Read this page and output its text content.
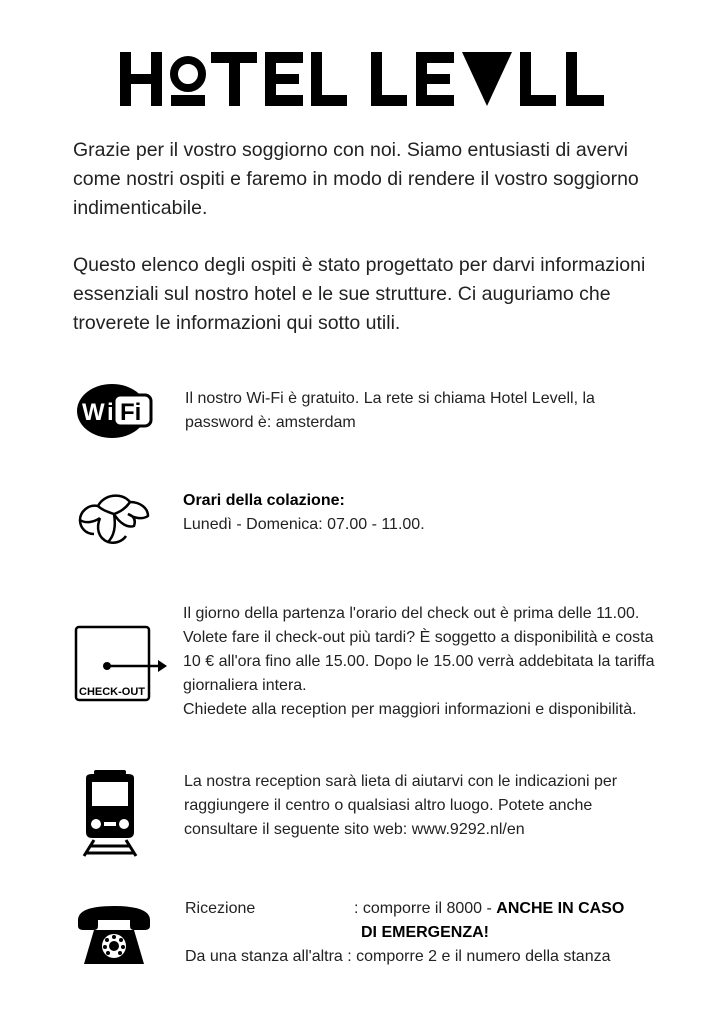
HOTEL LEVELL

Grazie per il vostro soggiorno con noi. Siamo entusiasti di avervi come nostri ospiti e faremo in modo di rendere il vostro soggiorno indimenticabile.

Questo elenco degli ospiti è stato progettato per darvi informazioni essenziali sul nostro hotel e le sue strutture. Ci auguriamo che troverete le informazioni qui sotto utili.

W i Fi

Il nostro Wi-Fi è gratuito. La rete si chiama Hotel Levell, la password è: amsterdam

Orari della colazione:

Lunedì - Domenica: 07.00 - 11.00.

CHECK-OUT

Il giorno della partenza l'orario del check out è prima delle 11.00. Volete fare il check-out più tardi? È soggetto a disponibilità e costa 10 € all'ora fino alle 15.00. Dopo le 15.00 verrà addebitata la tariffa giornaliera intera.

Chiedete alla reception per maggiori informazioni e disponibilità.

La nostra reception sarà lieta di aiutarvi con le indicazioni per raggiungere il centro o qualsiasi altro luogo. Potete anche consultare il seguente sito web: www.9292.nl/en

Ricezione	: comporre il 8000 - ANCHE IN CASO
DI EMERGENZA!
Da una stanza all'altra : comporre 2 e il numero della stanza
